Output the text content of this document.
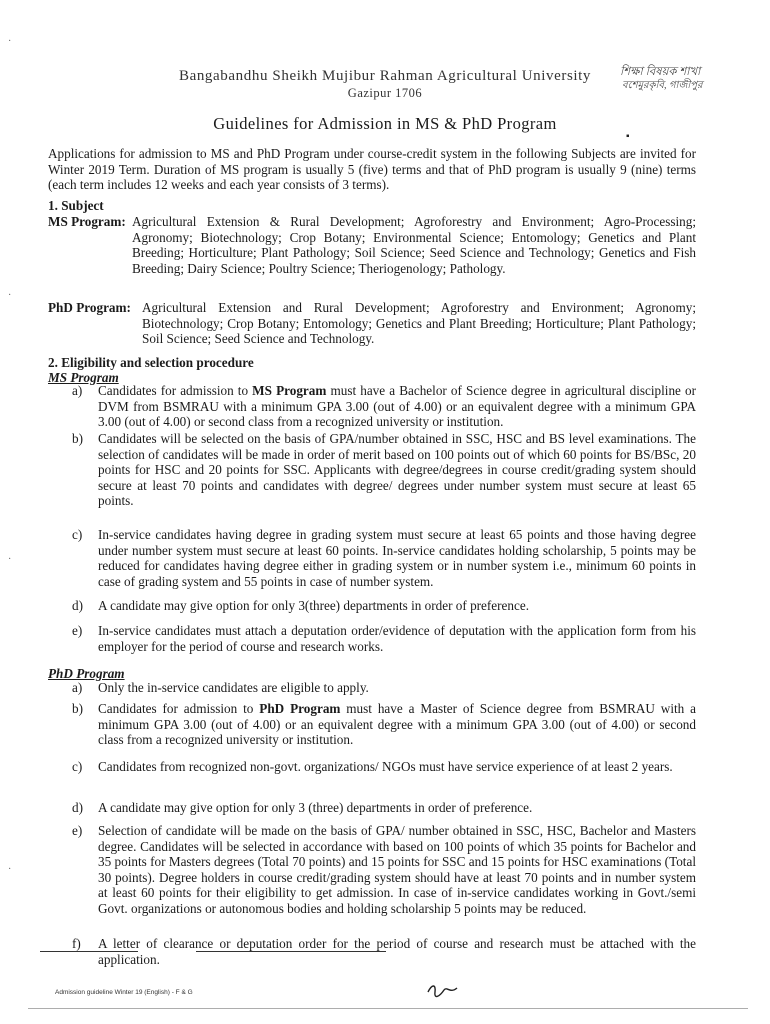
Bangabandhu Sheikh Mujibur Rahman Agricultural University
Gazipur 1706
শিক্ষা বিষয়ক শাখা
বশেমুরকৃবি, গাজীপুর
Guidelines for Admission in MS & PhD Program
▪
Applications for admission to MS and PhD Program under course-credit system in the following Subjects are invited for Winter 2019 Term. Duration of MS program is usually 5 (five) terms and that of PhD program is usually 9 (nine) terms (each term includes 12 weeks and each year consists of 3 terms).
1. Subject
MS Program: Agricultural Extension & Rural Development; Agroforestry and Environment; Agro-Processing; Agronomy; Biotechnology; Crop Botany; Environmental Science; Entomology; Genetics and Plant Breeding; Horticulture; Plant Pathology; Soil Science; Seed Science and Technology; Genetics and Fish Breeding; Dairy Science; Poultry Science; Theriogenology; Pathology.
PhD Program: Agricultural Extension and Rural Development; Agroforestry and Environment; Agronomy; Biotechnology; Crop Botany; Entomology; Genetics and Plant Breeding; Horticulture; Plant Pathology; Soil Science; Seed Science and Technology.
2. Eligibility and selection procedure
MS Program
a)	Candidates for admission to MS Program must have a Bachelor of Science degree in agricultural discipline or DVM from BSMRAU with a minimum GPA 3.00 (out of 4.00) or an equivalent degree with a minimum GPA 3.00 (out of 4.00) or second class from a recognized university or institution.
b)	Candidates will be selected on the basis of GPA/number obtained in SSC, HSC and BS level examinations. The selection of candidates will be made in order of merit based on 100 points out of which 60 points for BS/BSc, 20 points for HSC and 20 points for SSC. Applicants with degree/degrees in course credit/grading system should secure at least 70 points and candidates with degree/ degrees under number system must secure at least 65 points.
c)	In-service candidates having degree in grading system must secure at least 65 points and those having degree under number system must secure at least 60 points. In-service candidates holding scholarship, 5 points may be reduced for candidates having degree either in grading system or in number system i.e., minimum 60 points in case of grading system and 55 points in case of number system.
d)	A candidate may give option for only 3(three) departments in order of preference.
e)	In-service candidates must attach a deputation order/evidence of deputation with the application form from his employer for the period of course and research works.
PhD Program
a)	Only the in-service candidates are eligible to apply.
b)	Candidates for admission to PhD Program must have a Master of Science degree from BSMRAU with a minimum GPA 3.00 (out of 4.00) or an equivalent degree with a minimum GPA 3.00 (out of 4.00) or second class from a recognized university or institution.
c)	Candidates from recognized non-govt. organizations/ NGOs must have service experience of at least 2 years.
d)	A candidate may give option for only 3 (three) departments in order of preference.
e)	Selection of candidate will be made on the basis of GPA/ number obtained in SSC, HSC, Bachelor and Masters degree. Candidates will be selected in accordance with based on 100 points of which 35 points for Bachelor and 35 points for Masters degrees (Total 70 points) and 15 points for SSC and 15 points for HSC examinations (Total 30 points). Degree holders in course credit/grading system should have at least 70 points and in number system at least 60 points for their eligibility to get admission. In case of in-service candidates working in Govt./semi Govt. organizations or autonomous bodies and holding scholarship 5 points may be reduced.
f)	A letter of clearance or deputation order for the period of course and research must be attached with the application.
Admission guideline Winter 19 (English) - F & G
·
·
·
·
